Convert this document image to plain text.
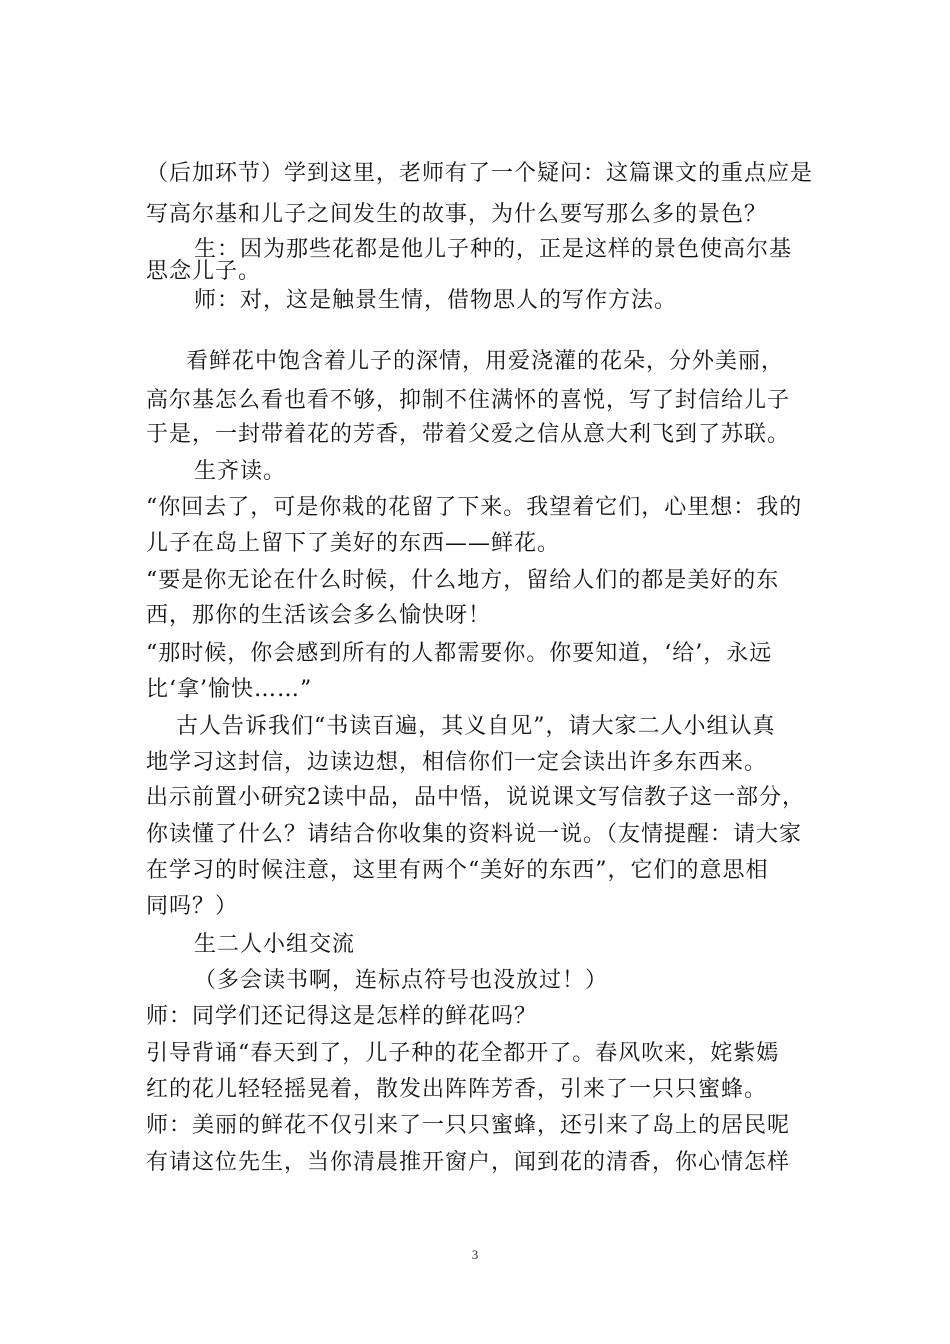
（后加环节）学到这里，老师有了一个疑问：这篇课文的重点应是
写高尔基和儿子之间发生的故事，为什么要写那么多的景色？
生：因为那些花都是他儿子种的，正是这样的景色使高尔基
思念儿子。
师：对，这是触景生情，借物思人的写作方法。
看鲜花中饱含着儿子的深情，用爱浇灌的花朵，分外美丽，
高尔基怎么看也看不够，抑制不住满怀的喜悦，写了封信给儿子
于是，一封带着花的芳香，带着父爱之信从意大利飞到了苏联。
生齐读。
“你回去了，可是你栽的花留了下来。我望着它们，心里想：我的
儿子在岛上留下了美好的东西——鲜花。
“要是你无论在什么时候，什么地方，留给人们的都是美好的东
西，那你的生活该会多么愉快呀！
“那时候，你会感到所有的人都需要你。你要知道，‘给’，永远
比‘拿’愉快……”
古人告诉我们“书读百遍，其义自见”，请大家二人小组认真
地学习这封信，边读边想，相信你们一定会读出许多东西来。
出示前置小研究2读中品，品中悟，说说课文写信教子这一部分，
你读懂了什么？请结合你收集的资料说一说。（友情提醒：请大家
在学习的时候注意，这里有两个“美好的东西”，它们的意思相
同吗？）
生二人小组交流
（多会读书啊，连标点符号也没放过！）
师：同学们还记得这是怎样的鲜花吗？
引导背诵“春天到了，儿子种的花全都开了。春风吹来，姹紫嫣
红的花儿轻轻摇晃着，散发出阵阵芳香，引来了一只只蜜蜂。
师：美丽的鲜花不仅引来了一只只蜜蜂，还引来了岛上的居民呢
有请这位先生，当你清晨推开窗户，闻到花的清香，你心情怎样
3
